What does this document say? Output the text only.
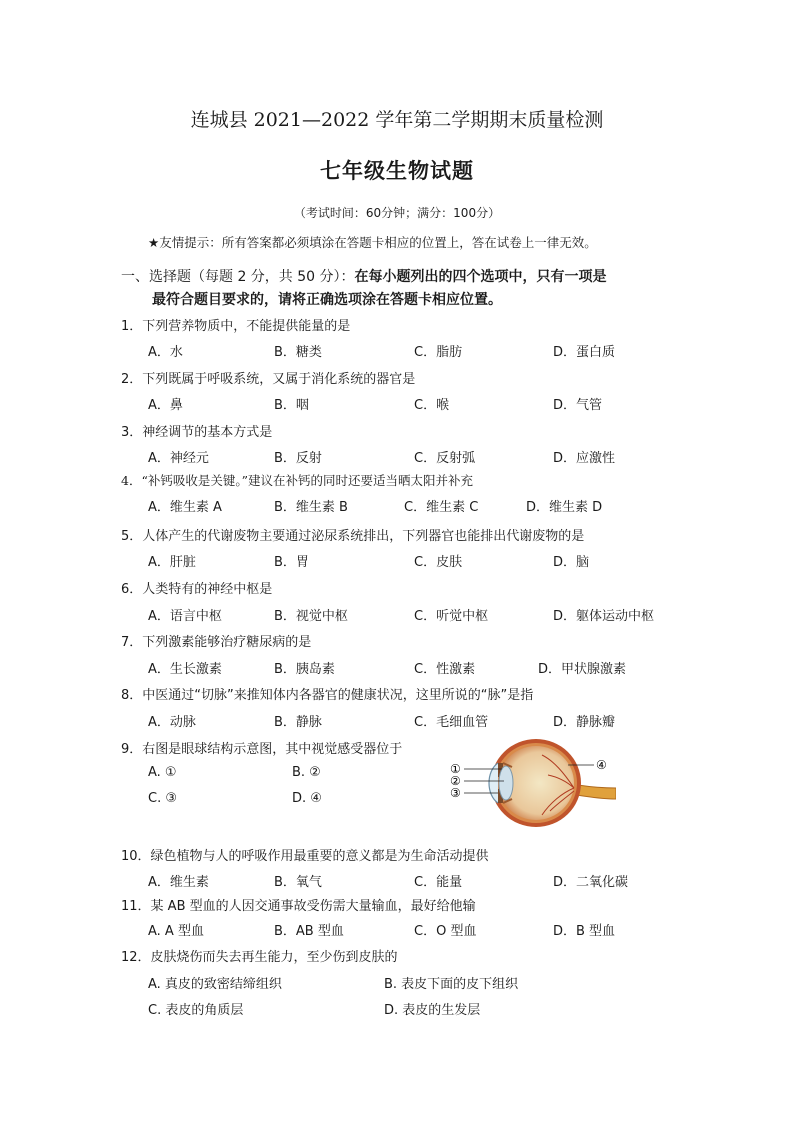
连城县 2021—2022 学年第二学期期末质量检测
七年级生物试题
（考试时间：60分钟；满分：100分）
★友情提示：所有答案都必须填涂在答题卡相应的位置上，答在试卷上一律无效。
一、选择题（每题 2 分，共 50 分）：在每小题列出的四个选项中，只有一项是
最符合题目要求的，请将正确选项涂在答题卡相应位置。
1．下列营养物质中，不能提供能量的是
A．水	B．糖类	C．脂肪	D．蛋白质
2．下列既属于呼吸系统，又属于消化系统的器官是
A．鼻	B．咽	C．喉	D．气管
3．神经调节的基本方式是
A．神经元	B．反射	C．反射弧	D．应激性
4．“补钙吸收是关键。”建议在补钙的同时还要适当晒太阳并补充
A．维生素 A	B．维生素 B	C．维生素 C	D．维生素 D
5．人体产生的代谢废物主要通过泌尿系统排出，下列器官也能排出代谢废物的是
A．肝脏	B．胃	C．皮肤	D．脑
6．人类特有的神经中枢是
A．语言中枢	B．视觉中枢	C．听觉中枢	D．躯体运动中枢
7．下列激素能够治疗糖尿病的是
A．生长激素	B．胰岛素	C．性激素	D．甲状腺激素
8．中医通过“切脉”来推知体内各器官的健康状况，这里所说的“脉”是指
A．动脉	B．静脉	C．毛细血管	D．静脉瓣
9．右图是眼球结构示意图，其中视觉感受器位于
A. ①	B. ②
C. ③	D. ④
①
②
③
④
10．绿色植物与人的呼吸作用最重要的意义都是为生命活动提供
A．维生素	B．氧气	C．能量	D．二氧化碳
11．某 AB 型血的人因交通事故受伤需大量输血，最好给他输
A. A 型血	B．AB 型血	C．O 型血	D．B 型血
12．皮肤烧伤而失去再生能力，至少伤到皮肤的
A. 真皮的致密结缔组织	B. 表皮下面的皮下组织
C. 表皮的角质层	D. 表皮的生发层
